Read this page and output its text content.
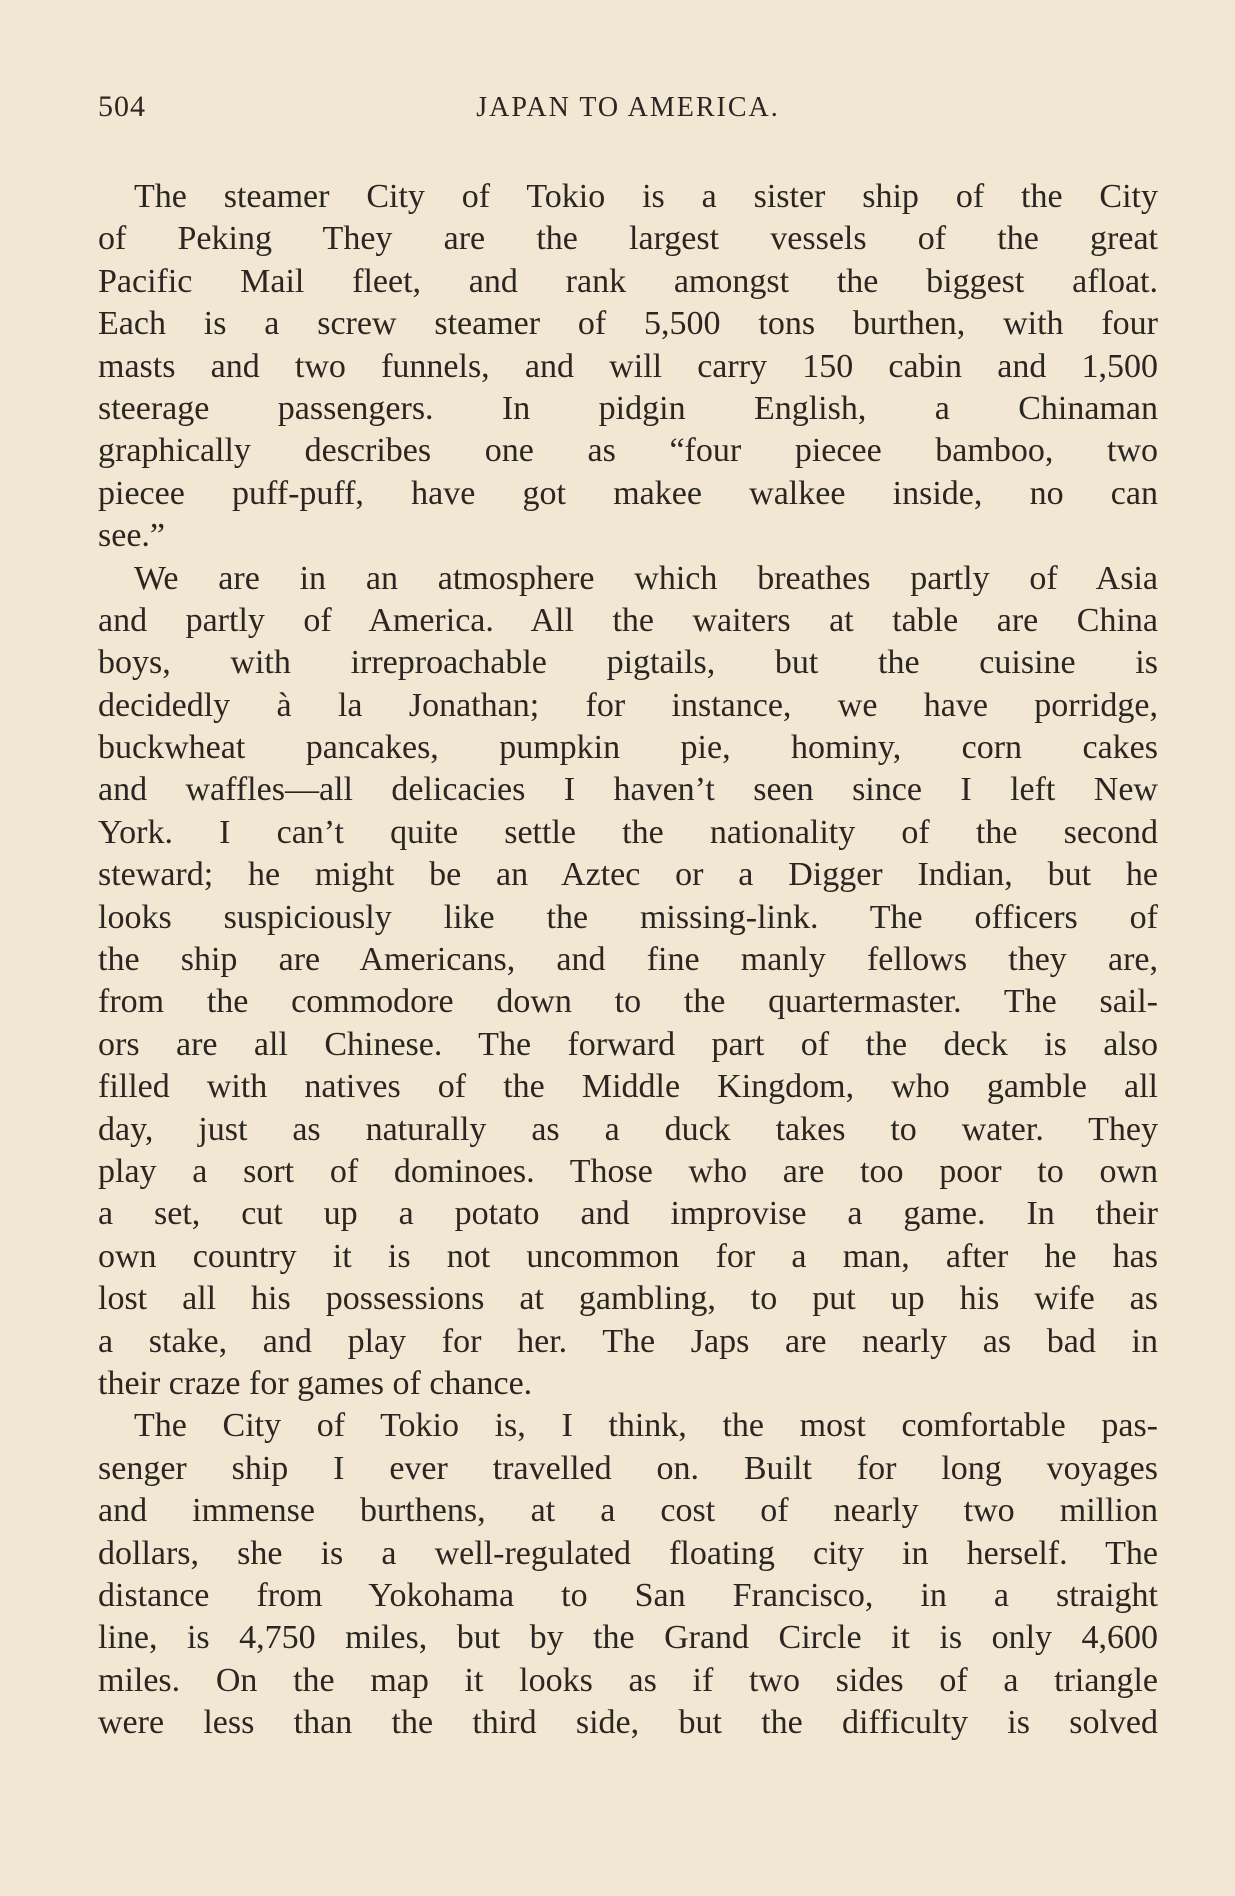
504	JAPAN TO AMERICA.
The steamer City of Tokio is a sister ship of the City
of Peking They are the largest vessels of the great
Pacific Mail fleet, and rank amongst the biggest afloat.
Each is a screw steamer of 5,500 tons burthen, with four
masts and two funnels, and will carry 150 cabin and 1,500
steerage passengers. In pidgin English, a Chinaman
graphically describes one as “four piecee bamboo, two
piecee puff-puff, have got makee walkee inside, no can
see.”
We are in an atmosphere which breathes partly of Asia
and partly of America. All the waiters at table are China
boys, with irreproachable pigtails, but the cuisine is
decidedly à la Jonathan; for instance, we have porridge,
buckwheat pancakes, pumpkin pie, hominy, corn cakes
and waffles—all delicacies I haven’t seen since I left New
York. I can’t quite settle the nationality of the second
steward; he might be an Aztec or a Digger Indian, but he
looks suspiciously like the missing-link. The officers of
the ship are Americans, and fine manly fellows they are,
from the commodore down to the quartermaster. The sail-
ors are all Chinese. The forward part of the deck is also
filled with natives of the Middle Kingdom, who gamble all
day, just as naturally as a duck takes to water. They
play a sort of dominoes. Those who are too poor to own
a set, cut up a potato and improvise a game. In their
own country it is not uncommon for a man, after he has
lost all his possessions at gambling, to put up his wife as
a stake, and play for her. The Japs are nearly as bad in
their craze for games of chance.
The City of Tokio is, I think, the most comfortable pas-
senger ship I ever travelled on. Built for long voyages
and immense burthens, at a cost of nearly two million
dollars, she is a well-regulated floating city in herself. The
distance from Yokohama to San Francisco, in a straight
line, is 4,750 miles, but by the Grand Circle it is only 4,600
miles. On the map it looks as if two sides of a triangle
were less than the third side, but the difficulty is solved
